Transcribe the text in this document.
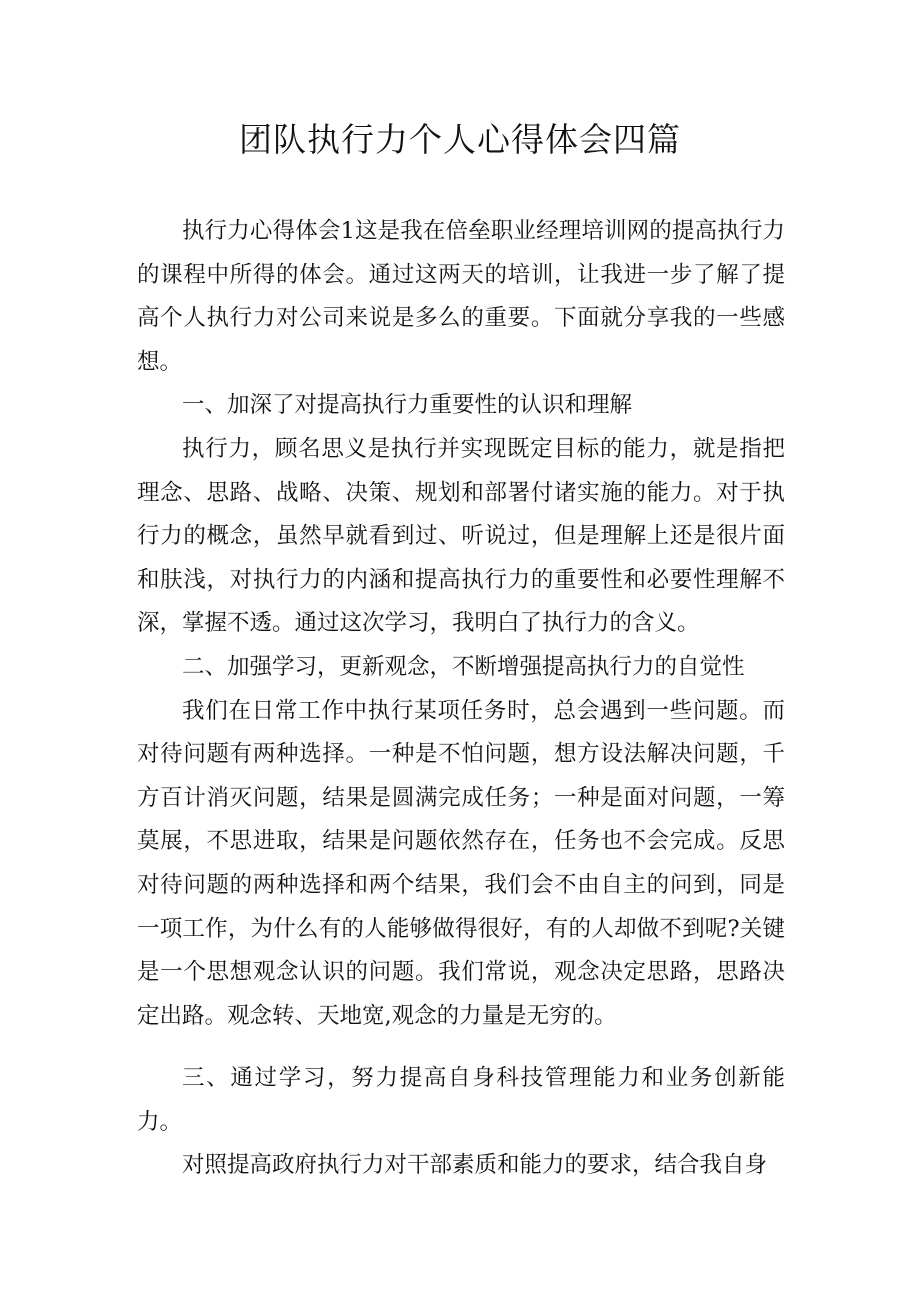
团队执行力个人心得体会四篇

执行力心得体会1这是我在倍垒职业经理培训网的提高执行力的课程中所得的体会。通过这两天的培训，让我进一步了解了提高个人执行力对公司来说是多么的重要。下面就分享我的一些感想。

一、加深了对提高执行力重要性的认识和理解

执行力，顾名思义是执行并实现既定目标的能力，就是指把理念、思路、战略、决策、规划和部署付诸实施的能力。对于执行力的概念，虽然早就看到过、听说过，但是理解上还是很片面和肤浅，对执行力的内涵和提高执行力的重要性和必要性理解不深，掌握不透。通过这次学习，我明白了执行力的含义。

二、加强学习，更新观念，不断增强提高执行力的自觉性

我们在日常工作中执行某项任务时，总会遇到一些问题。而对待问题有两种选择。一种是不怕问题，想方设法解决问题，千方百计消灭问题，结果是圆满完成任务；一种是面对问题，一筹莫展，不思进取，结果是问题依然存在，任务也不会完成。反思对待问题的两种选择和两个结果，我们会不由自主的问到，同是一项工作，为什么有的人能够做得很好，有的人却做不到呢?关键是一个思想观念认识的问题。我们常说，观念决定思路，思路决定出路。观念转、天地宽,观念的力量是无穷的。

三、通过学习，努力提高自身科技管理能力和业务创新能力。

对照提高政府执行力对干部素质和能力的要求，结合我自身
